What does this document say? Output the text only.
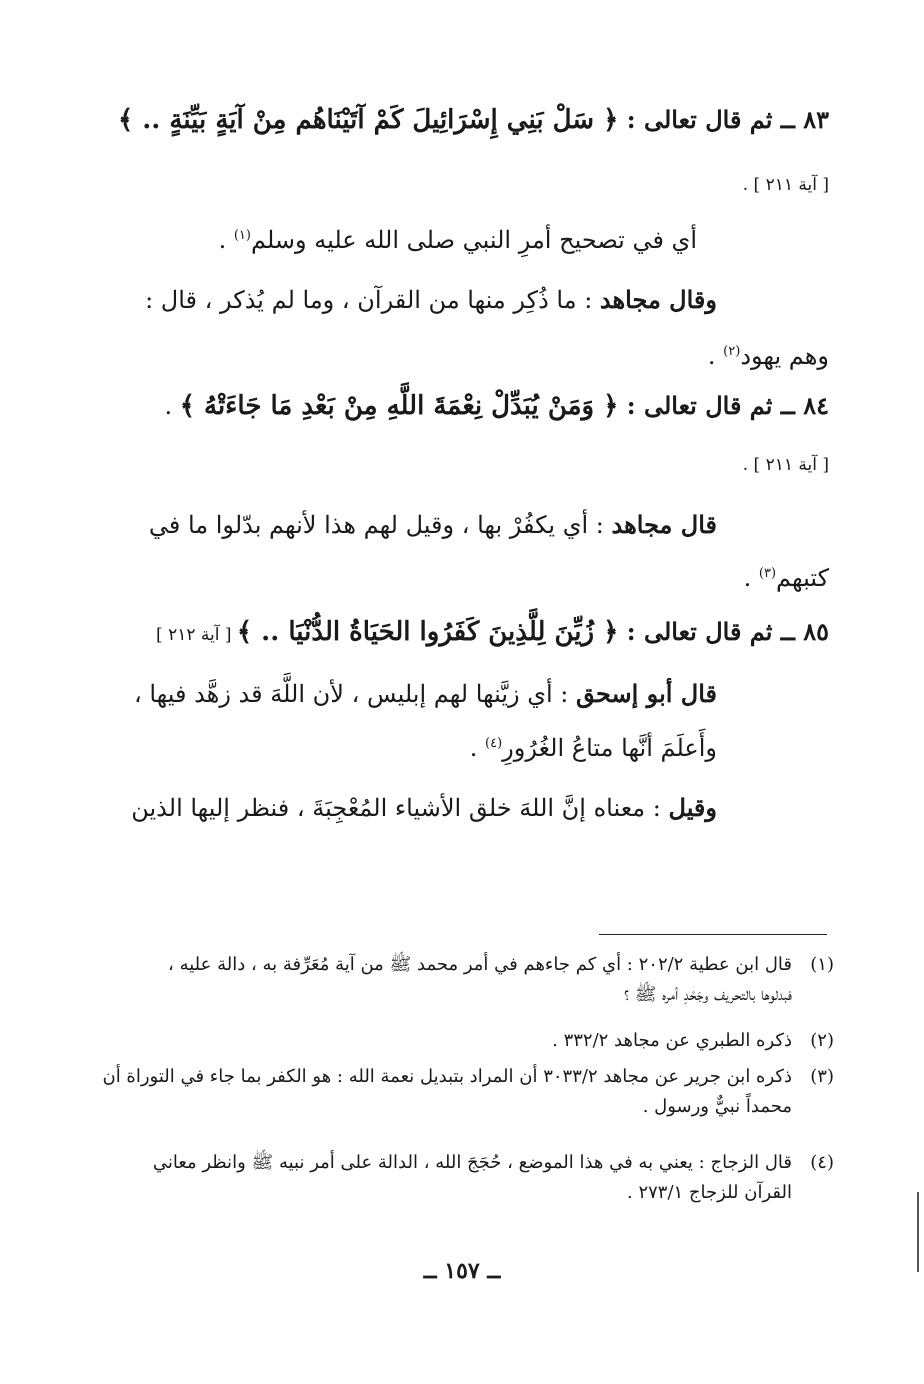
٨٣ ــ ثم قال تعالى : ﴿ سَلْ بَنِي إِسْرَائِيلَ كَمْ آتَيْنَاهُم مِنْ آيَةٍ بَيِّنَةٍ .. ﴾
[ آية ٢١١ ] .
أي في تصحيح أمرِ النبي صلى الله عليه وسلم$^{(١)}$ .
وقال مجاهد : ما ذُكِر منها من القرآن ، وما لم يُذكر ، قال :
وهم يهود$^{(٢)}$ .
٨٤ ــ ثم قال تعالى : ﴿ وَمَنْ يُبَدِّلْ نِعْمَةَ اللَّهِ مِنْ بَعْدِ مَا جَاءَتْهُ ﴾ .
[ آية ٢١١ ] .
قال مجاهد : أي يكفُرْ بها ، وقيل لهم هذا لأنهم بدّلوا ما في
كتبهم$^{(٣)}$ .
٨٥ ــ ثم قال تعالى : ﴿ زُيِّنَ لِلَّذِينَ كَفَرُوا الحَيَاةُ الدُّنْيَا .. ﴾ [ آية ٢١٢ ]
قال أبو إسحق : أي زيَّنها لهم إبليس ، لأن اللَّهَ قد زهَّد فيها ،
وأَعلَمَ أنَّها متاعُ الغُرُورِ$^{(٤)}$ .
وقيل : معناه إنَّ اللهَ خلق الأشياء المُعْجِبَةَ ، فنظر إليها الذين
(١)قال ابن عطية ٢٠٢/٢ : أي كم جاءهم في أمر محمد ﷺ من آية مُعَرِّفة به ، دالة عليه ،
فبدلوها بالتحريف وجَحْدِ أمره ﷺ ؟
(٢)ذكره الطبري عن مجاهد ٣٣٢/٢ .
(٣)ذكره ابن جرير عن مجاهد ٣٠٣٣/٢ أن المراد بتبديل نعمة الله : هو الكفر بما جاء في التوراة أن
محمداً نبيٌّ ورسول .
(٤)قال الزجاج : يعني به في هذا الموضع ، حُجَجَ الله ، الدالة على أمر نبيه ﷺ وانظر معاني
القرآن للزجاج ٢٧٣/١ .
ــ ١٥٧ ــ
